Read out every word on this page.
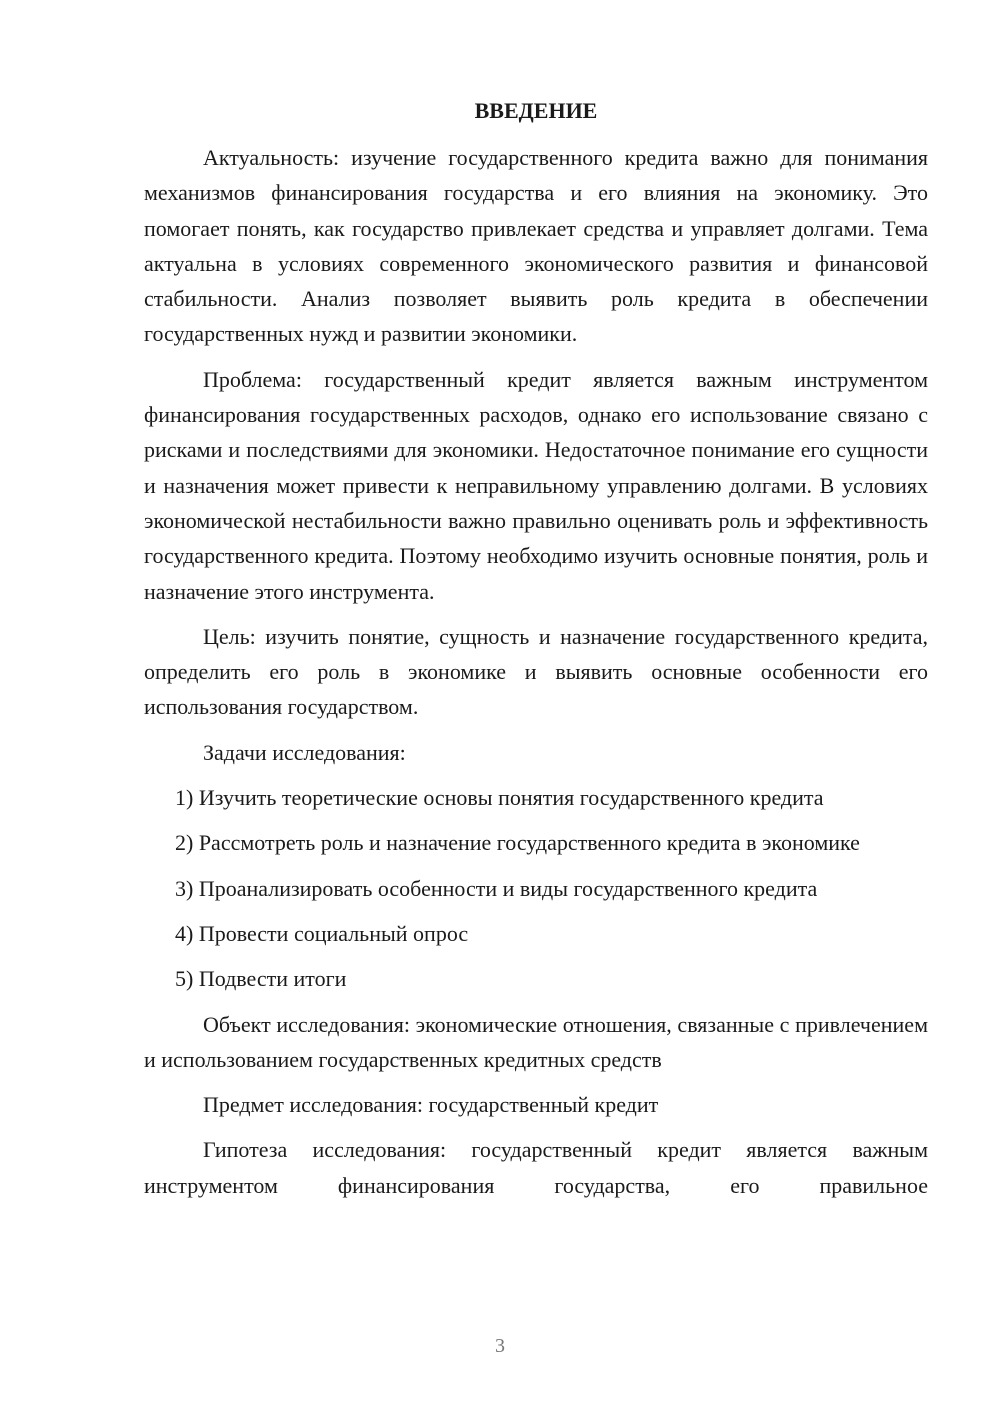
ВВЕДЕНИЕ

Актуальность: изучение государственного кредита важно для понимания механизмов финансирования государства и его влияния на экономику. Это помогает понять, как государство привлекает средства и управляет долгами. Тема актуальна в условиях современного экономического развития и финансовой стабильности. Анализ позволяет выявить роль кредита в обеспечении государственных нужд и развитии экономики.

Проблема: государственный кредит является важным инструментом финансирования государственных расходов, однако его использование связано с рисками и последствиями для экономики. Недостаточное понимание его сущности и назначения может привести к неправильному управлению долгами. В условиях экономической нестабильности важно правильно оценивать роль и эффективность государственного кредита. Поэтому необходимо изучить основные понятия, роль и назначение этого инструмента.

Цель: изучить понятие, сущность и назначение государственного кредита, определить его роль в экономике и выявить основные особенности его использования государством.

Задачи исследования:

1) Изучить теоретические основы понятия государственного кредита

2) Рассмотреть роль и назначение государственного кредита в экономике

3) Проанализировать особенности и виды государственного кредита

4) Провести социальный опрос

5) Подвести итоги

Объект исследования: экономические отношения, связанные с привлечением и использованием государственных кредитных средств

Предмет исследования: государственный кредит

Гипотеза исследования: государственный кредит является важным инструментом финансирования государства, его правильное

3
